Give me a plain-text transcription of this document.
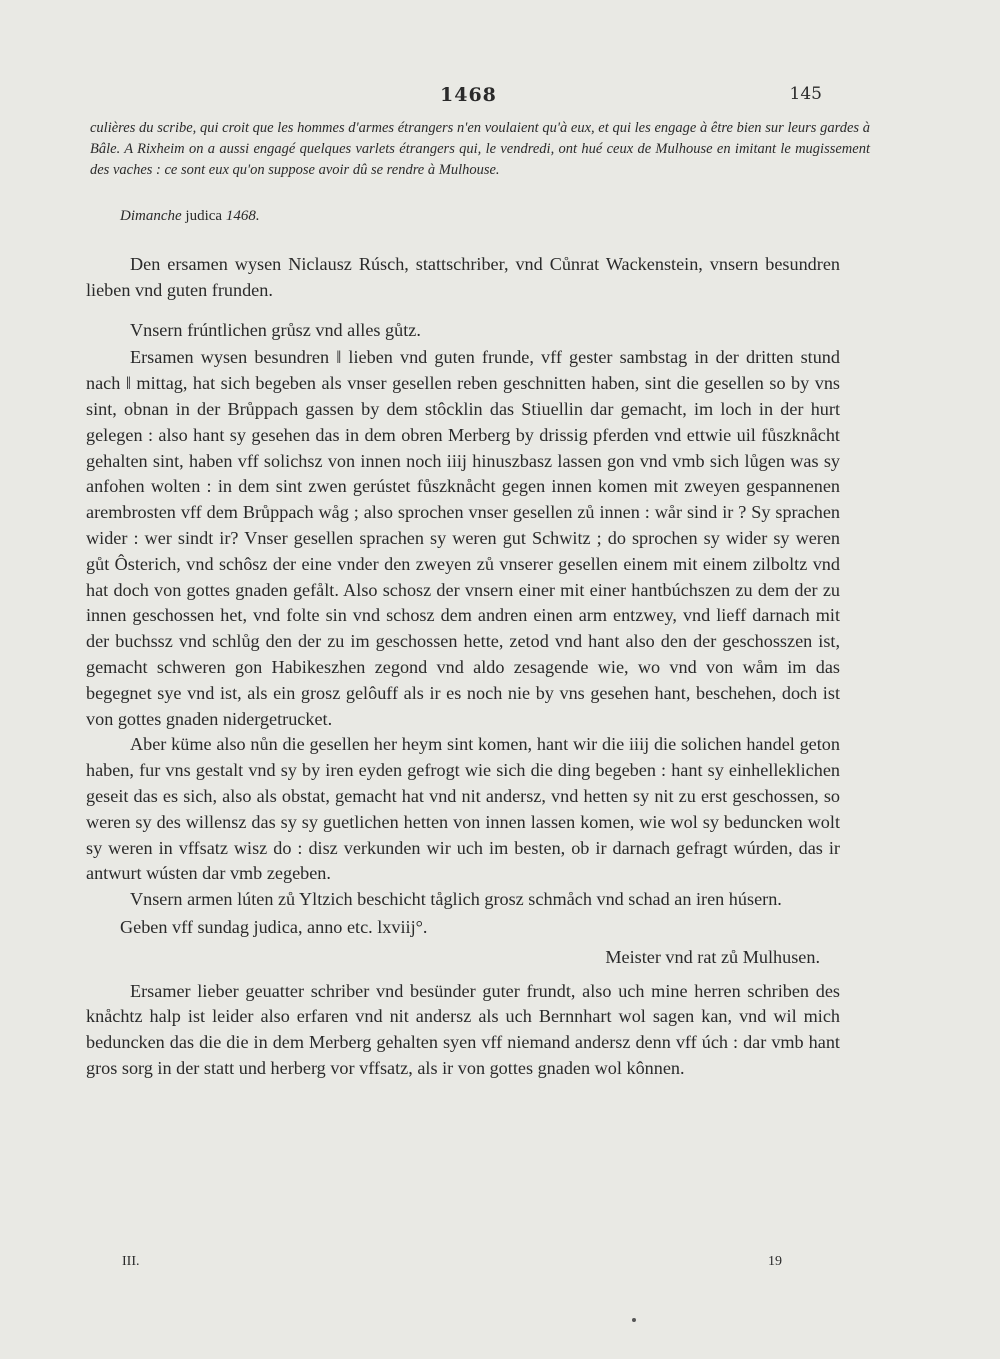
1468	145
culières du scribe, qui croit que les hommes d'armes étrangers n'en voulaient qu'à eux, et qui les engage à être bien sur leurs gardes à Bâle. A Rixheim on a aussi engagé quelques varlets étrangers qui, le vendredi, ont hué ceux de Mulhouse en imitant le mugissement des vaches : ce sont eux qu'on suppose avoir dû se rendre à Mulhouse.
Dimanche judica 1468.

Den ersamen wysen Niclausz Rúsch, stattschriber, vnd Cůnrat Wackenstein, vnsern besundren lieben vnd guten frunden.

Vnsern frúntlichen grůsz vnd alles gůtz.

Ersamen wysen besundren ‖ lieben vnd guten frunde, vff gester sambstag in der dritten stund nach ‖ mittag, hat sich begeben als vnser gesellen reben geschnitten haben, sint die gesellen so by vns sint, obnan in der Brůppach gassen by dem stôcklin das Stiuellin dar gemacht, im loch in der hurt gelegen : also hant sy gesehen das in dem obren Merberg by drissig pferden vnd ettwie uil fůszknåcht gehalten sint, haben vff solichsz von innen noch iiij hinuszbasz lassen gon vnd vmb sich lůgen was sy anfohen wolten : in dem sint zwen gerústet fůszknåcht gegen innen komen mit zweyen gespannenen arembrosten vff dem Brůppach wåg ; also sprochen vnser gesellen zů innen : wår sind ir ? Sy sprachen wider : wer sindt ir? Vnser gesellen sprachen sy weren gut Schwitz ; do sprochen sy wider sy weren gůt Ôsterich, vnd schôsz der eine vnder den zweyen zů vnserer gesellen einem mit einem zilboltz vnd hat doch von gottes gnaden gefålt. Also schosz der vnsern einer mit einer hantbúchszen zu dem der zu innen geschossen het, vnd folte sin vnd schosz dem andren einen arm entzwey, vnd lieff darnach mit der buchssz vnd schlůg den der zu im geschossen hette, zetod vnd hant also den der geschosszen ist, gemacht schweren gon Habikeszhen zegond vnd aldo zesagende wie, wo vnd von wåm im das begegnet sye vnd ist, als ein grosz gelôuff als ir es noch nie by vns gesehen hant, beschehen, doch ist von gottes gnaden nidergetrucket.

Aber küme also nůn die gesellen her heym sint komen, hant wir die iiij die solichen handel geton haben, fur vns gestalt vnd sy by iren eyden gefrogt wie sich die ding begeben : hant sy einhelleklichen geseit das es sich, also als obstat, gemacht hat vnd nit andersz, vnd hetten sy nit zu erst geschossen, so weren sy des willensz das sy sy guetlichen hetten von innen lassen komen, wie wol sy beduncken wolt sy weren in vffsatz wisz do : disz verkunden wir uch im besten, ob ir darnach gefragt wúrden, das ir antwurt wústen dar vmb zegeben.

Vnsern armen lúten zů Yltzich beschicht tåglich grosz schmåch vnd schad an iren húsern.

Geben vff sundag judica, anno etc. lxviij°.

Meister vnd rat zů Mulhusen.

Ersamer lieber geuatter schriber vnd besünder guter frundt, also uch mine herren schriben des knåchtz halp ist leider also erfaren vnd nit andersz als uch Bernnhart wol sagen kan, vnd wil mich beduncken das die die in dem Merberg gehalten syen vff niemand andersz denn vff úch : dar vmb hant gros sorg in der statt und herberg vor vffsatz, als ir von gottes gnaden wol kônnen.

III.	19
